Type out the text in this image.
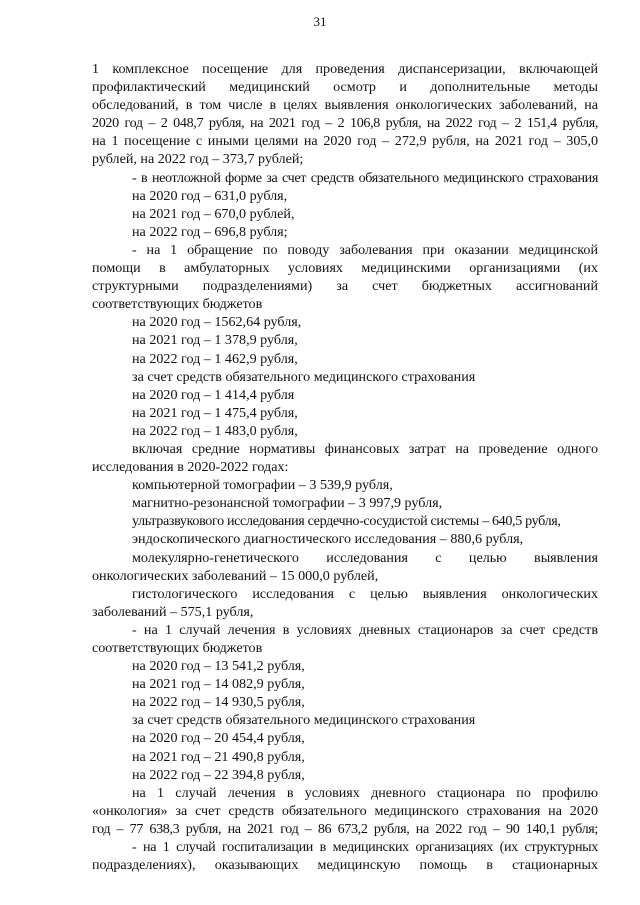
31
1 комплексное посещение для проведения диспансеризации, включающей
профилактический медицинский осмотр и дополнительные методы
обследований, в том числе в целях выявления онкологических заболеваний, на
2020 год – 2 048,7 рубля, на 2021 год – 2 106,8 рубля, на 2022 год – 2 151,4 рубля,
на 1 посещение с иными целями на 2020 год – 272,9 рубля, на 2021 год – 305,0
рублей, на 2022 год – 373,7 рублей;
- в неотложной форме за счет средств обязательного медицинского страхования
на 2020 год – 631,0 рубля,
на 2021 год – 670,0 рублей,
на 2022 год – 696,8 рубля;
- на 1 обращение по поводу заболевания при оказании медицинской
помощи в амбулаторных условиях медицинскими организациями (их
структурными подразделениями) за счет бюджетных ассигнований
соответствующих бюджетов
на 2020 год – 1562,64 рубля,
на 2021 год – 1 378,9 рубля,
на 2022 год – 1 462,9 рубля,
за счет средств обязательного медицинского страхования
на 2020 год – 1 414,4 рубля
на 2021 год – 1 475,4 рубля,
на 2022 год – 1 483,0 рубля,
включая средние нормативы финансовых затрат на проведение одного
исследования в 2020-2022 годах:
компьютерной томографии – 3 539,9 рубля,
магнитно-резонансной томографии – 3 997,9 рубля,
ультразвукового исследования сердечно-сосудистой системы – 640,5 рубля,
эндоскопического диагностического исследования – 880,6 рубля,
молекулярно-генетического исследования с целью выявления
онкологических заболеваний – 15 000,0 рублей,
гистологического исследования с целью выявления онкологических
заболеваний – 575,1 рубля,
- на 1 случай лечения в условиях дневных стационаров за счет средств
соответствующих бюджетов
на 2020 год – 13 541,2 рубля,
на 2021 год – 14 082,9 рубля,
на 2022 год – 14 930,5 рубля,
за счет средств обязательного медицинского страхования
на 2020 год – 20 454,4 рубля,
на 2021 год – 21 490,8 рубля,
на 2022 год – 22 394,8 рубля,
на 1 случай лечения в условиях дневного стационара по профилю
«онкология» за счет средств обязательного медицинского страхования на 2020
год – 77 638,3 рубля, на 2021 год – 86 673,2 рубля, на 2022 год – 90 140,1 рубля;
- на 1 случай госпитализации в медицинских организациях (их структурных
подразделениях), оказывающих медицинскую помощь в стационарных
